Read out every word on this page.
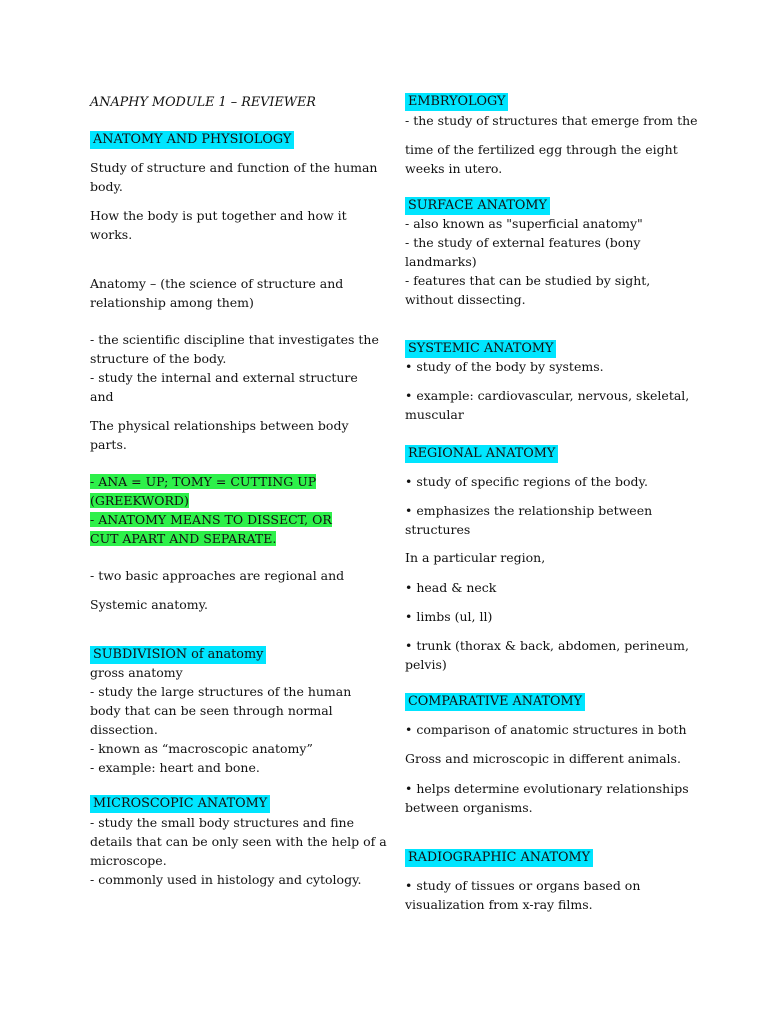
ANAPHY MODULE 1 – REVIEWER
ANATOMY AND PHYSIOLOGY
Study of structure and function of the human
body.
How the body is put together and how it
works.
Anatomy – (the science of structure and
relationship among them)
- the scientific discipline that investigates the
structure of the body.
- study the internal and external structure
and
The physical relationships between body
parts.
- ANA = UP; TOMY = CUTTING UP
(GREEKWORD)
- ANATOMY MEANS TO DISSECT, OR
CUT APART AND SEPARATE.
- two basic approaches are regional and
Systemic anatomy.
SUBDIVISION of anatomy
gross anatomy
- study the large structures of the human
body that can be seen through normal
dissection.
- known as “macroscopic anatomy”
- example: heart and bone.
MICROSCOPIC ANATOMY
- study the small body structures and fine
details that can be only seen with the help of a
microscope.
- commonly used in histology and cytology.
EMBRYOLOGY
- the study of structures that emerge from the
time of the fertilized egg through the eight
weeks in utero.
SURFACE ANATOMY
- also known as "superficial anatomy"
- the study of external features (bony
landmarks)
- features that can be studied by sight,
without dissecting.
SYSTEMIC ANATOMY
• study of the body by systems.
• example: cardiovascular, nervous, skeletal,
muscular
REGIONAL ANATOMY
• study of specific regions of the body.
• emphasizes the relationship between
structures
In a particular region,
• head & neck
• limbs (ul, ll)
• trunk (thorax & back, abdomen, perineum,
pelvis)
COMPARATIVE ANATOMY
• comparison of anatomic structures in both
Gross and microscopic in different animals.
• helps determine evolutionary relationships
between organisms.
RADIOGRAPHIC ANATOMY
• study of tissues or organs based on
visualization from x-ray films.
